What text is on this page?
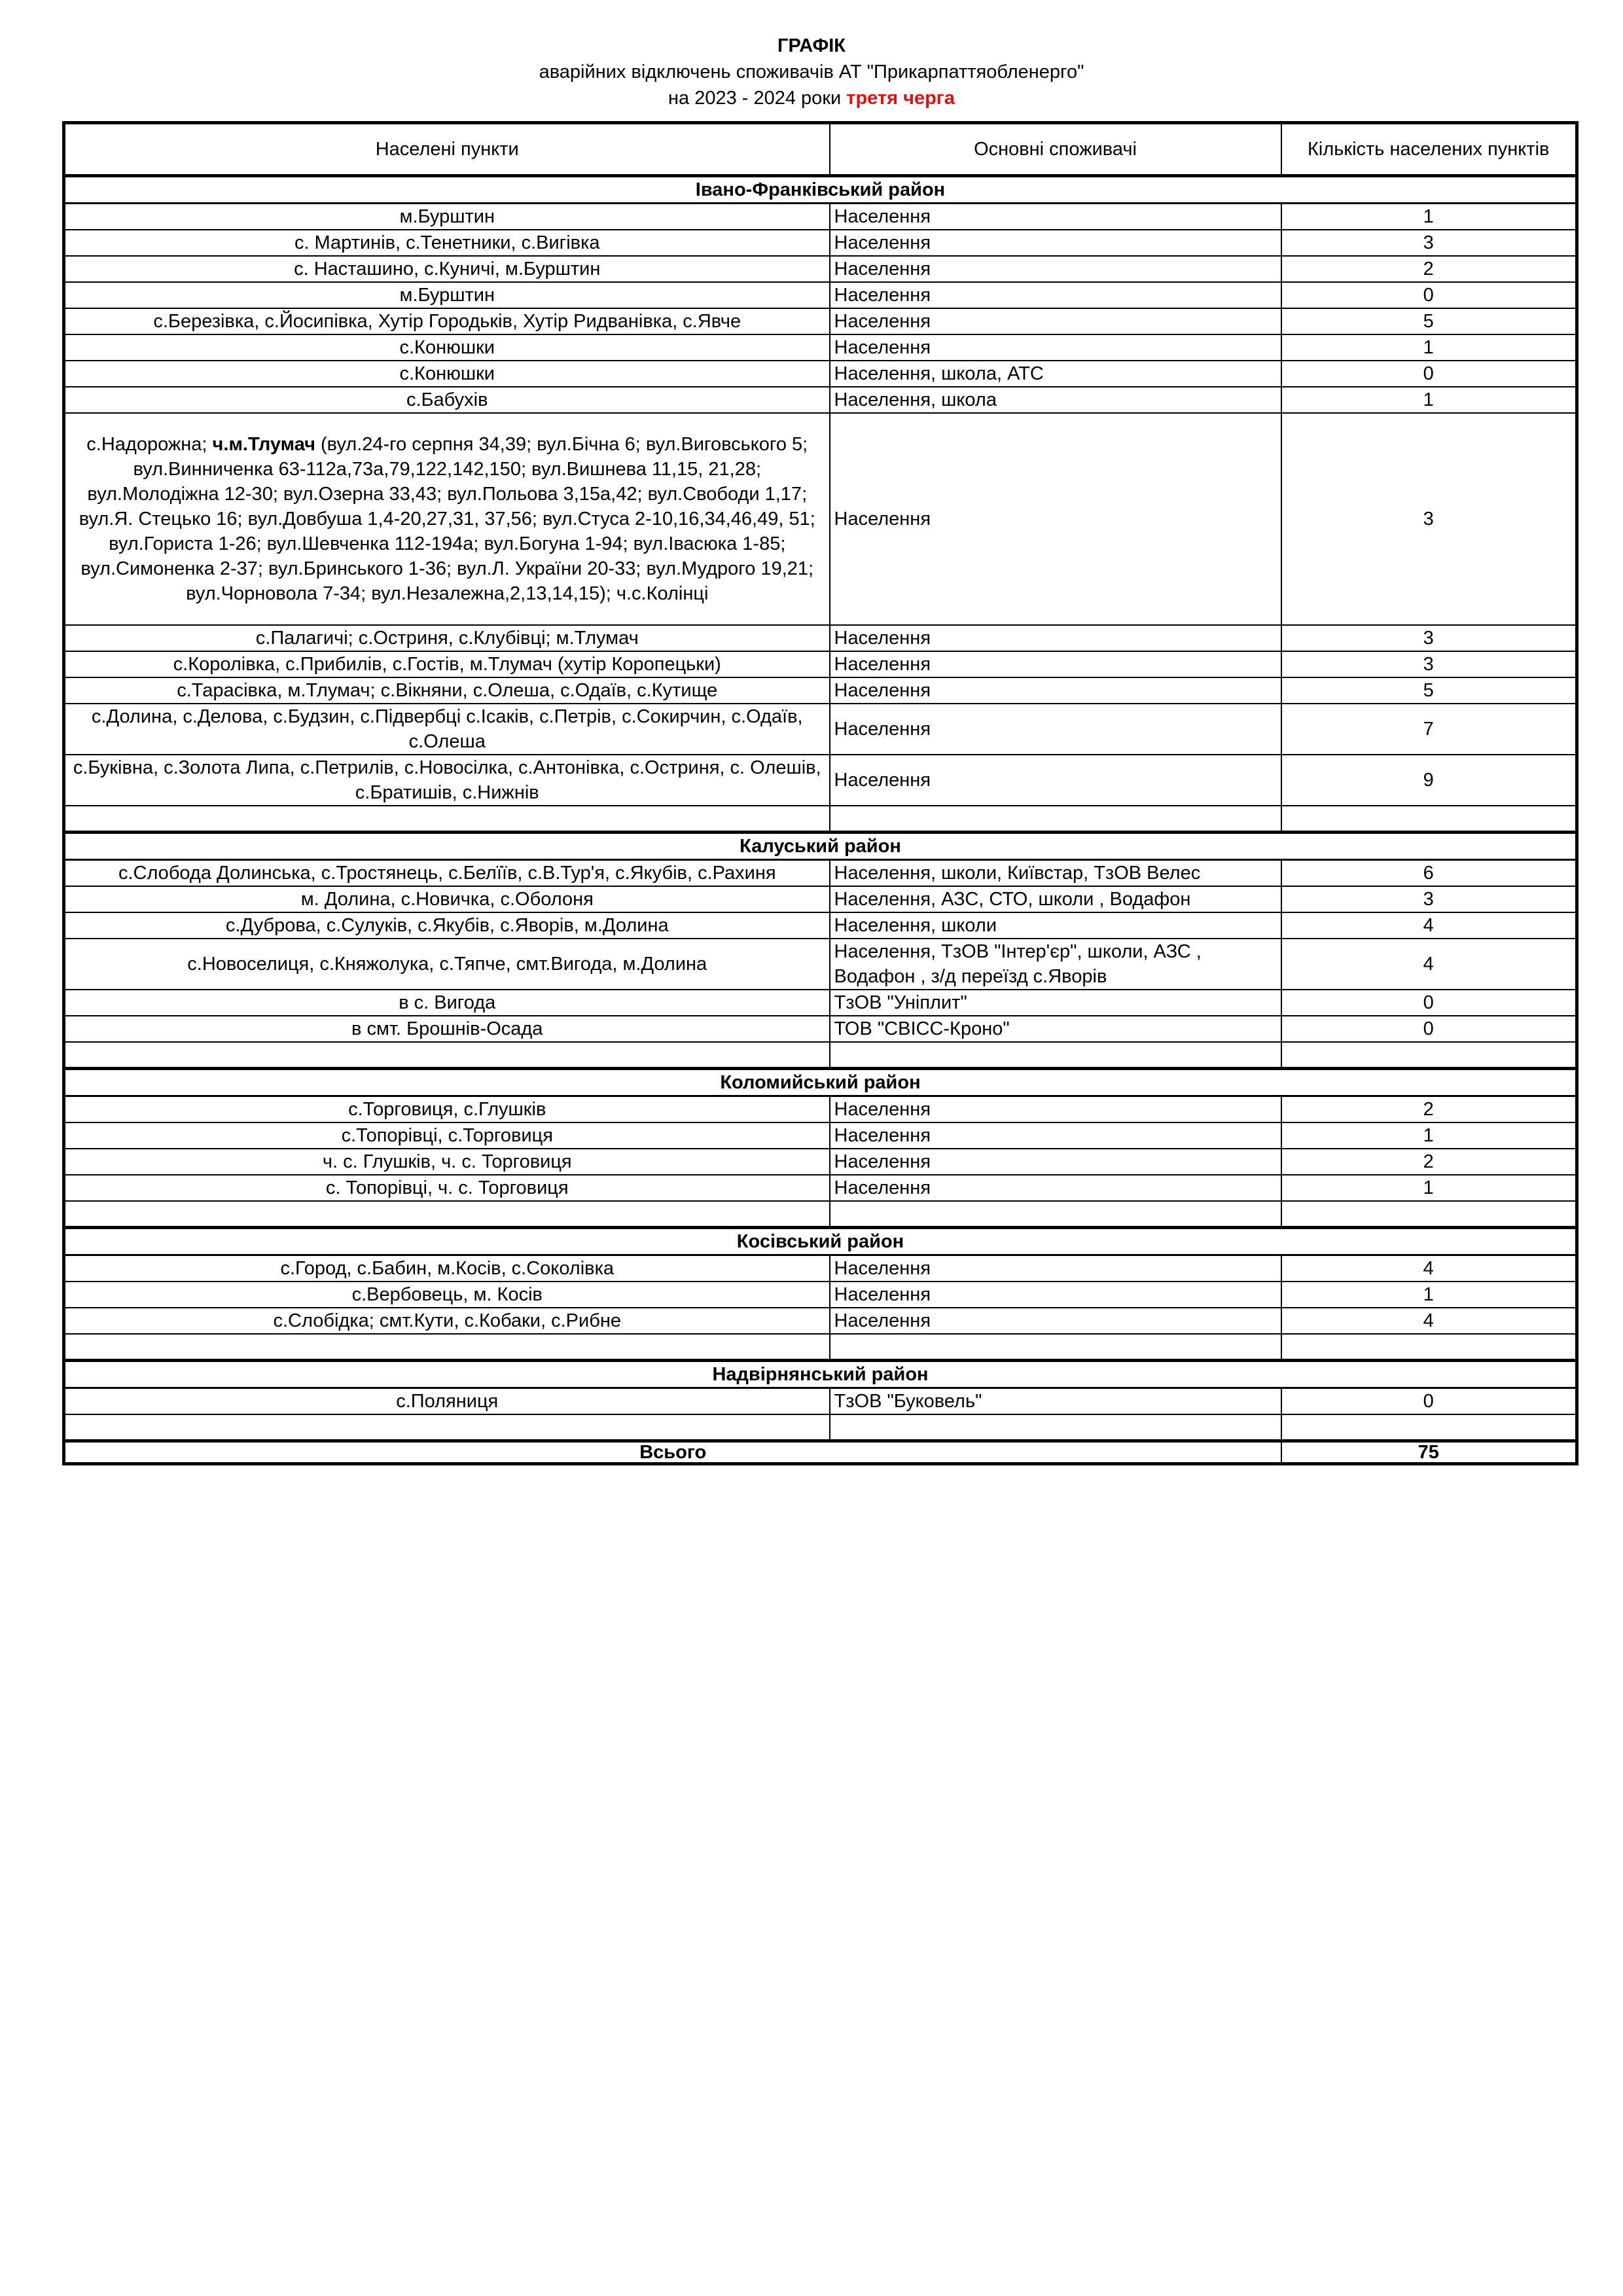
ГРАФІК
аварійних відключень споживачів АТ "Прикарпаттяобленерго"
на 2023 - 2024 роки третя черга
Населені пункти	Основні споживачі	Кількість населених пунктів
Івано-Франківський район		
м.Бурштин	Населення	1
с. Мартинів, с.Тенетники, с.Вигівка	Населення	3
с. Насташино, с.Куничі, м.Бурштин	Населення	2
м.Бурштин	Населення	0
с.Березівка, с.Йосипівка, Хутір Городьків, Хутір Ридванівка, с.Явче	Населення	5
с.Конюшки	Населення	1
с.Конюшки	Населення, школа, АТС	0
с.Бабухів	Населення, школа	1
с.Надорожна; ч.м.Тлумач (вул.24-го серпня 34,39; вул.Бічна 6; вул.Виговського 5; вул.Винниченка 63-112а,73а,79,122,142,150; вул.Вишнева 11,15, 21,28; вул.Молодіжна 12-30; вул.Озерна 33,43; вул.Польова 3,15а,42; вул.Свободи 1,17; вул.Я. Стецько 16; вул.Довбуша 1,4-20,27,31, 37,56; вул.Стуса 2-10,16,34,46,49, 51; вул.Гориста 1-26; вул.Шевченка 112-194а; вул.Богуна 1-94; вул.Івасюка 1-85; вул.Симоненка 2-37; вул.Бринського 1-36; вул.Л. України 20-33; вул.Мудрого 19,21; вул.Чорновола 7-34; вул.Незалежна,2,13,14,15); ч.с.Колінці	Населення	3
с.Палагичі; с.Остриня, с.Клубівці; м.Тлумач	Населення	3
с.Королівка, с.Прибилів, с.Гостів, м.Тлумач (хутір Коропецьки)	Населення	3
с.Тарасівка, м.Тлумач; с.Вікняни, с.Олеша, с.Одаїв, с.Кутище	Населення	5
с.Долина, с.Делова, с.Будзин, с.Підвербці с.Ісаків, с.Петрів, с.Сокирчин, с.Одаїв, с.Олеша	Населення	7
с.Буківна, с.Золота Липа, с.Петрилів, с.Новосілка, с.Антонівка, с.Остриня, с. Олешів, с.Братишів, с.Нижнів	Населення	9

Калуський район		
с.Слобода Долинська, с.Тростянець, с.Белїїв, с.В.Тур'я, с.Якубів, с.Рахиня	Населення, школи, Київстар, ТзОВ Велес	6
м. Долина, с.Новичка, с.Оболоня	Населення, АЗС, СТО, школи , Водафон	3
с.Дуброва, с.Сулуків, с.Якубів, с.Яворів, м.Долина	Населення, школи	4
с.Новоселиця, с.Княжолука, с.Тяпче, смт.Вигода, м.Долина	Населення, ТзОВ "Інтер'єр", школи, АЗС , Водафон , з/д переїзд с.Яворів	4
в с. Вигода	ТзОВ "Уніплит"	0
в смт. Брошнів-Осада	ТОВ "СВІСС-Кроно"	0

Коломийський район		
с.Торговиця, с.Глушків	Населення	2
с.Топорівці, с.Торговиця	Населення	1
ч. с. Глушків, ч. с. Торговиця	Населення	2
с. Топорівці, ч. с. Торговиця	Населення	1

Косівський район		
с.Город, с.Бабин, м.Косів, с.Соколівка	Населення	4
с.Вербовець, м. Косів	Населення	1
с.Слобідка; смт.Кути, с.Кобаки, с.Рибне	Населення	4

Надвірнянський район		
с.Поляниця	ТзОВ "Буковель"	0

Всього		75
